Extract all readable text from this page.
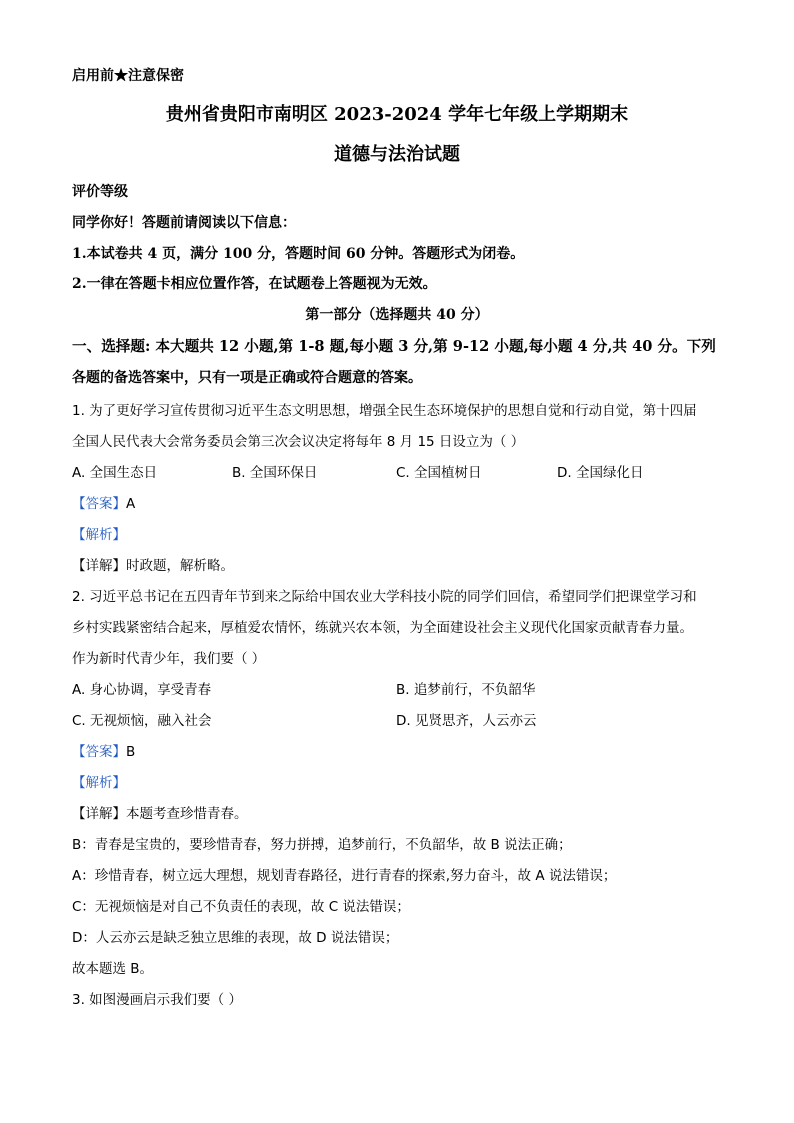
启用前★注意保密
贵州省贵阳市南明区 2023-2024 学年七年级上学期期末
道德与法治试题
评价等级
同学你好！答题前请阅读以下信息：
1.本试卷共 4 页，满分 100 分，答题时间 60 分钟。答题形式为闭卷。
2.一律在答题卡相应位置作答，在试题卷上答题视为无效。
第一部分（选择题共 40 分）
一、选择题: 本大题共 12 小题,第 1-8 题,每小题 3 分,第 9-12 小题,每小题 4 分,共 40 分。下列
各题的备选答案中，只有一项是正确或符合题意的答案。
1. 为了更好学习宣传贯彻习近平生态文明思想，增强全民生态环境保护的思想自觉和行动自觉，第十四届
全国人民代表大会常务委员会第三次会议决定将每年 8 月 15 日设立为（ ）
A. 全国生态日	B. 全国环保日	C. 全国植树日	D. 全国绿化日
【答案】A
【解析】
【详解】时政题，解析略。
2. 习近平总书记在五四青年节到来之际给中国农业大学科技小院的同学们回信，希望同学们把课堂学习和
乡村实践紧密结合起来，厚植爱农情怀，练就兴农本领，为全面建设社会主义现代化国家贡献青春力量。
作为新时代青少年，我们要（ ）
A. 身心协调，享受青春	B. 追梦前行，不负韶华
C. 无视烦恼，融入社会	D. 见贤思齐，人云亦云
【答案】B
【解析】
【详解】本题考查珍惜青春。
B：青春是宝贵的，要珍惜青春，努力拼搏，追梦前行，不负韶华，故 B 说法正确；
A：珍惜青春，树立远大理想，规划青春路径，进行青春的探索,努力奋斗，故 A 说法错误；
C：无视烦恼是对自己不负责任的表现，故 C 说法错误；
D：人云亦云是缺乏独立思维的表现，故 D 说法错误；
故本题选 B。
3. 如图漫画启示我们要（ ）
